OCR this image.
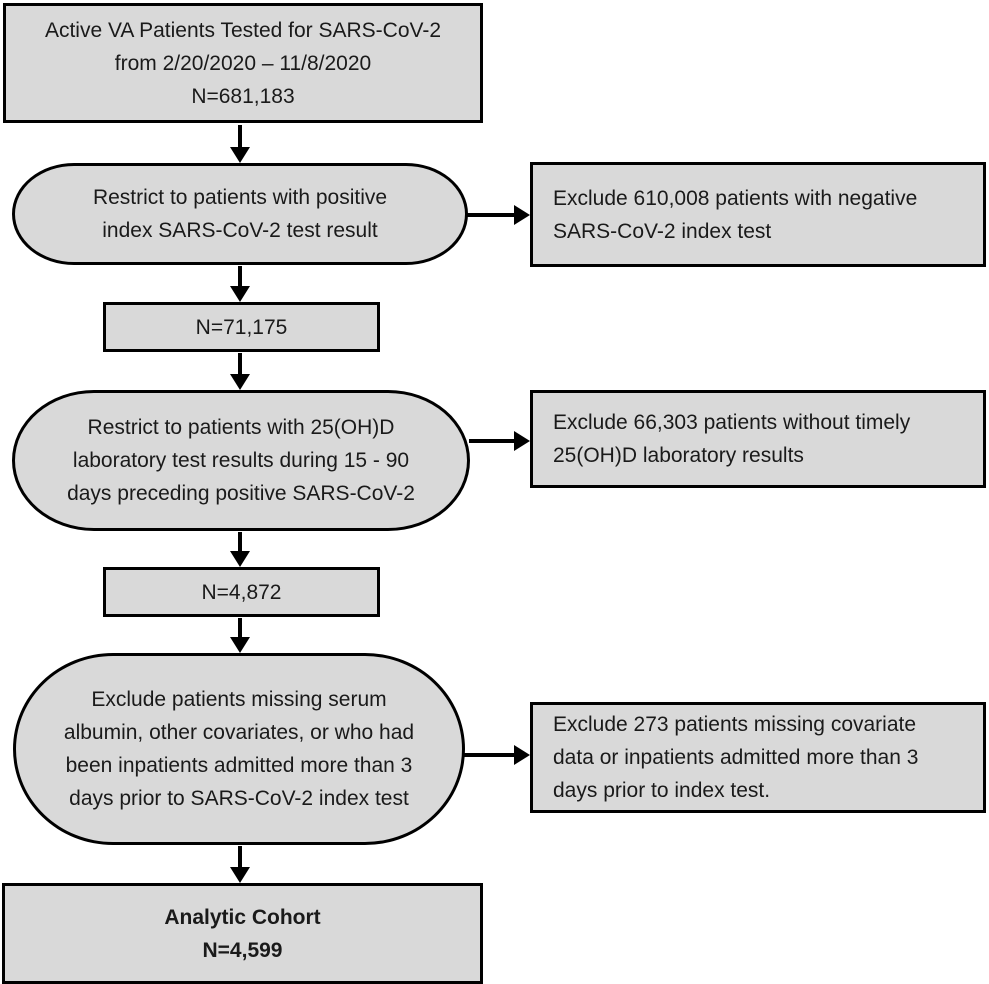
Active VA Patients Tested for SARS-CoV-2
from 2/20/2020 – 11/8/2020
N=681,183
Restrict to patients with positive
index SARS-CoV-2 test result
Exclude 610,008 patients with negative
SARS-CoV-2 index test
N=71,175
Restrict to patients with 25(OH)D
laboratory test results during 15 - 90
days preceding positive SARS-CoV-2
Exclude 66,303 patients without timely
25(OH)D laboratory results
N=4,872
Exclude patients missing serum
albumin, other covariates, or who had
been inpatients admitted more than 3
days prior to SARS-CoV-2 index test
Exclude 273 patients missing covariate
data or inpatients admitted more than 3
days prior to index test.
Analytic Cohort
N=4,599
